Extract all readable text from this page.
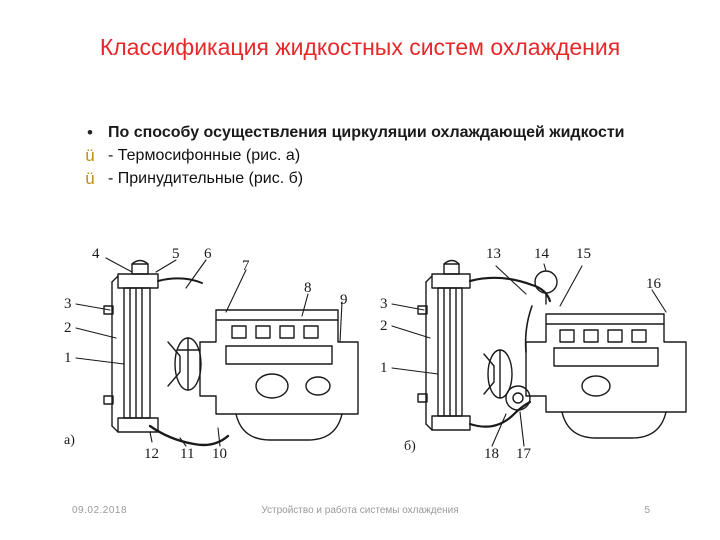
Классификация жидкостных систем охлаждения
• По способу осуществления циркуляции охлаждающей жидкости
ü - Термосифонные (рис. а)
ü - Принудительные (рис. б)
4	5 6
7
8
9
3
2
1
12 11 10
а)
13 14 15
16
3
2
1
18 17
б)
09.02.2018	Устройство и работа системы охлаждения	5
